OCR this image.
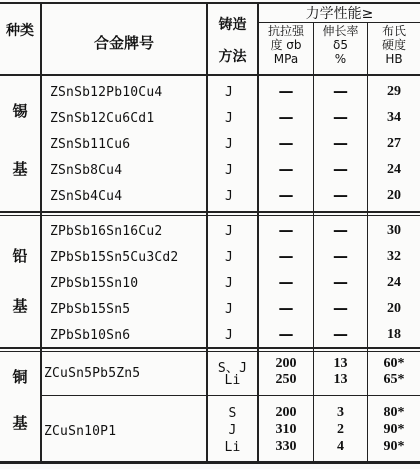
种类
合金牌号
铸造
方法
力学性能≥
抗拉强
度 σb
MPa
伸长率
δ5
%
布氏
硬度
HB
锡
基
ZSnSb12Pb10Cu4
ZSnSb12Cu6Cd1
ZSnSb11Cu6
ZSnSb8Cu4
ZSnSb4Cu4
J
J
J
J
J
—
—
—
—
—
—
—
—
—
—
29
34
27
24
20
铅
基
ZPbSb16Sn16Cu2
ZPbSb15Sn5Cu3Cd2
ZPbSb15Sn10
ZPbSb15Sn5
ZPbSb10Sn6
J
J
J
J
J
—
—
—
—
—
—
—
—
—
—
30
32
24
20
18
铜
基
ZCuSn5Pb5Zn5	S、J
Li
200
250
13
13
60*
65*
ZCuSn10P1
S
J
Li
200
310
330
3
2
4
80*
90*
90*
